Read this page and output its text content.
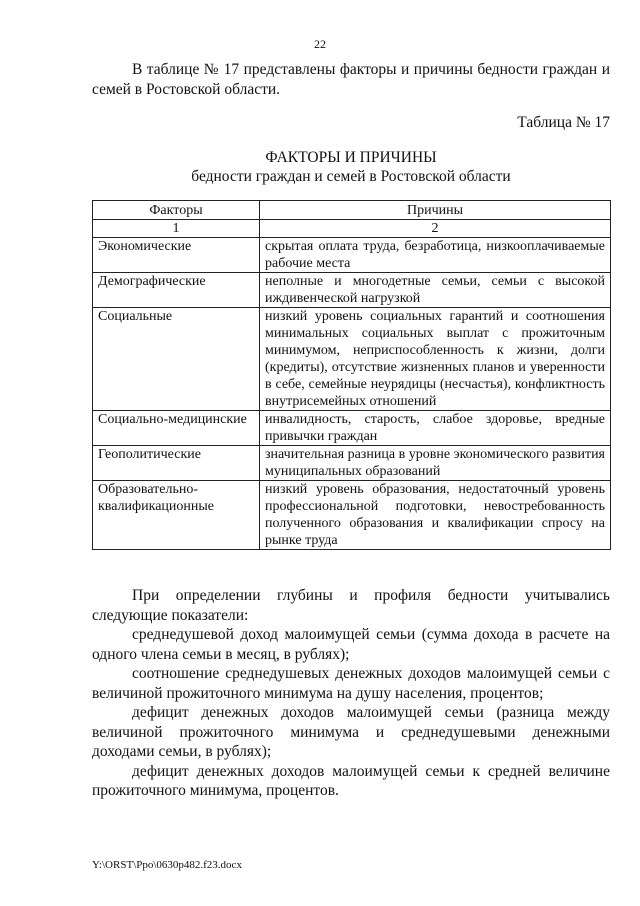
22

В таблице № 17 представлены факторы и причины бедности граждан и семей в Ростовской области.

Таблица № 17
ФАКТОРЫ И ПРИЧИНЫ
бедности граждан и семей в Ростовской области
Факторы	Причины
1	2
Экономические	скрытая оплата труда, безработица, низкооплачиваемые рабочие места
Демографические	неполные и многодетные семьи, семьи с высокой иждивенческой нагрузкой
Социальные	низкий уровень социальных гарантий и соотношения минимальных социальных выплат с прожиточным минимумом, неприспособленность к жизни, долги (кредиты), отсутствие жизненных планов и уверенности в себе, семейные неурядицы (несчастья), конфликтность внутрисемейных отношений
Социально-медицинские	инвалидность, старость, слабое здоровье, вредные привычки граждан
Геополитические	значительная разница в уровне экономического развития муниципальных образований
Образовательно-квалификационные	низкий уровень образования, недостаточный уровень профессиональной подготовки, невостребованность полученного образования и квалификации спросу на рынке труда

При определении глубины и профиля бедности учитывались следующие показатели:

среднедушевой доход малоимущей семьи (сумма дохода в расчете на одного члена семьи в месяц, в рублях);

соотношение среднедушевых денежных доходов малоимущей семьи с величиной прожиточного минимума на душу населения, процентов;

дефицит денежных доходов малоимущей семьи (разница между величиной прожиточного минимума и среднедушевыми денежными доходами семьи, в рублях);

дефицит денежных доходов малоимущей семьи к средней величине прожиточного минимума, процентов.

Y:\ORST\Ppo\0630p482.f23.docx
